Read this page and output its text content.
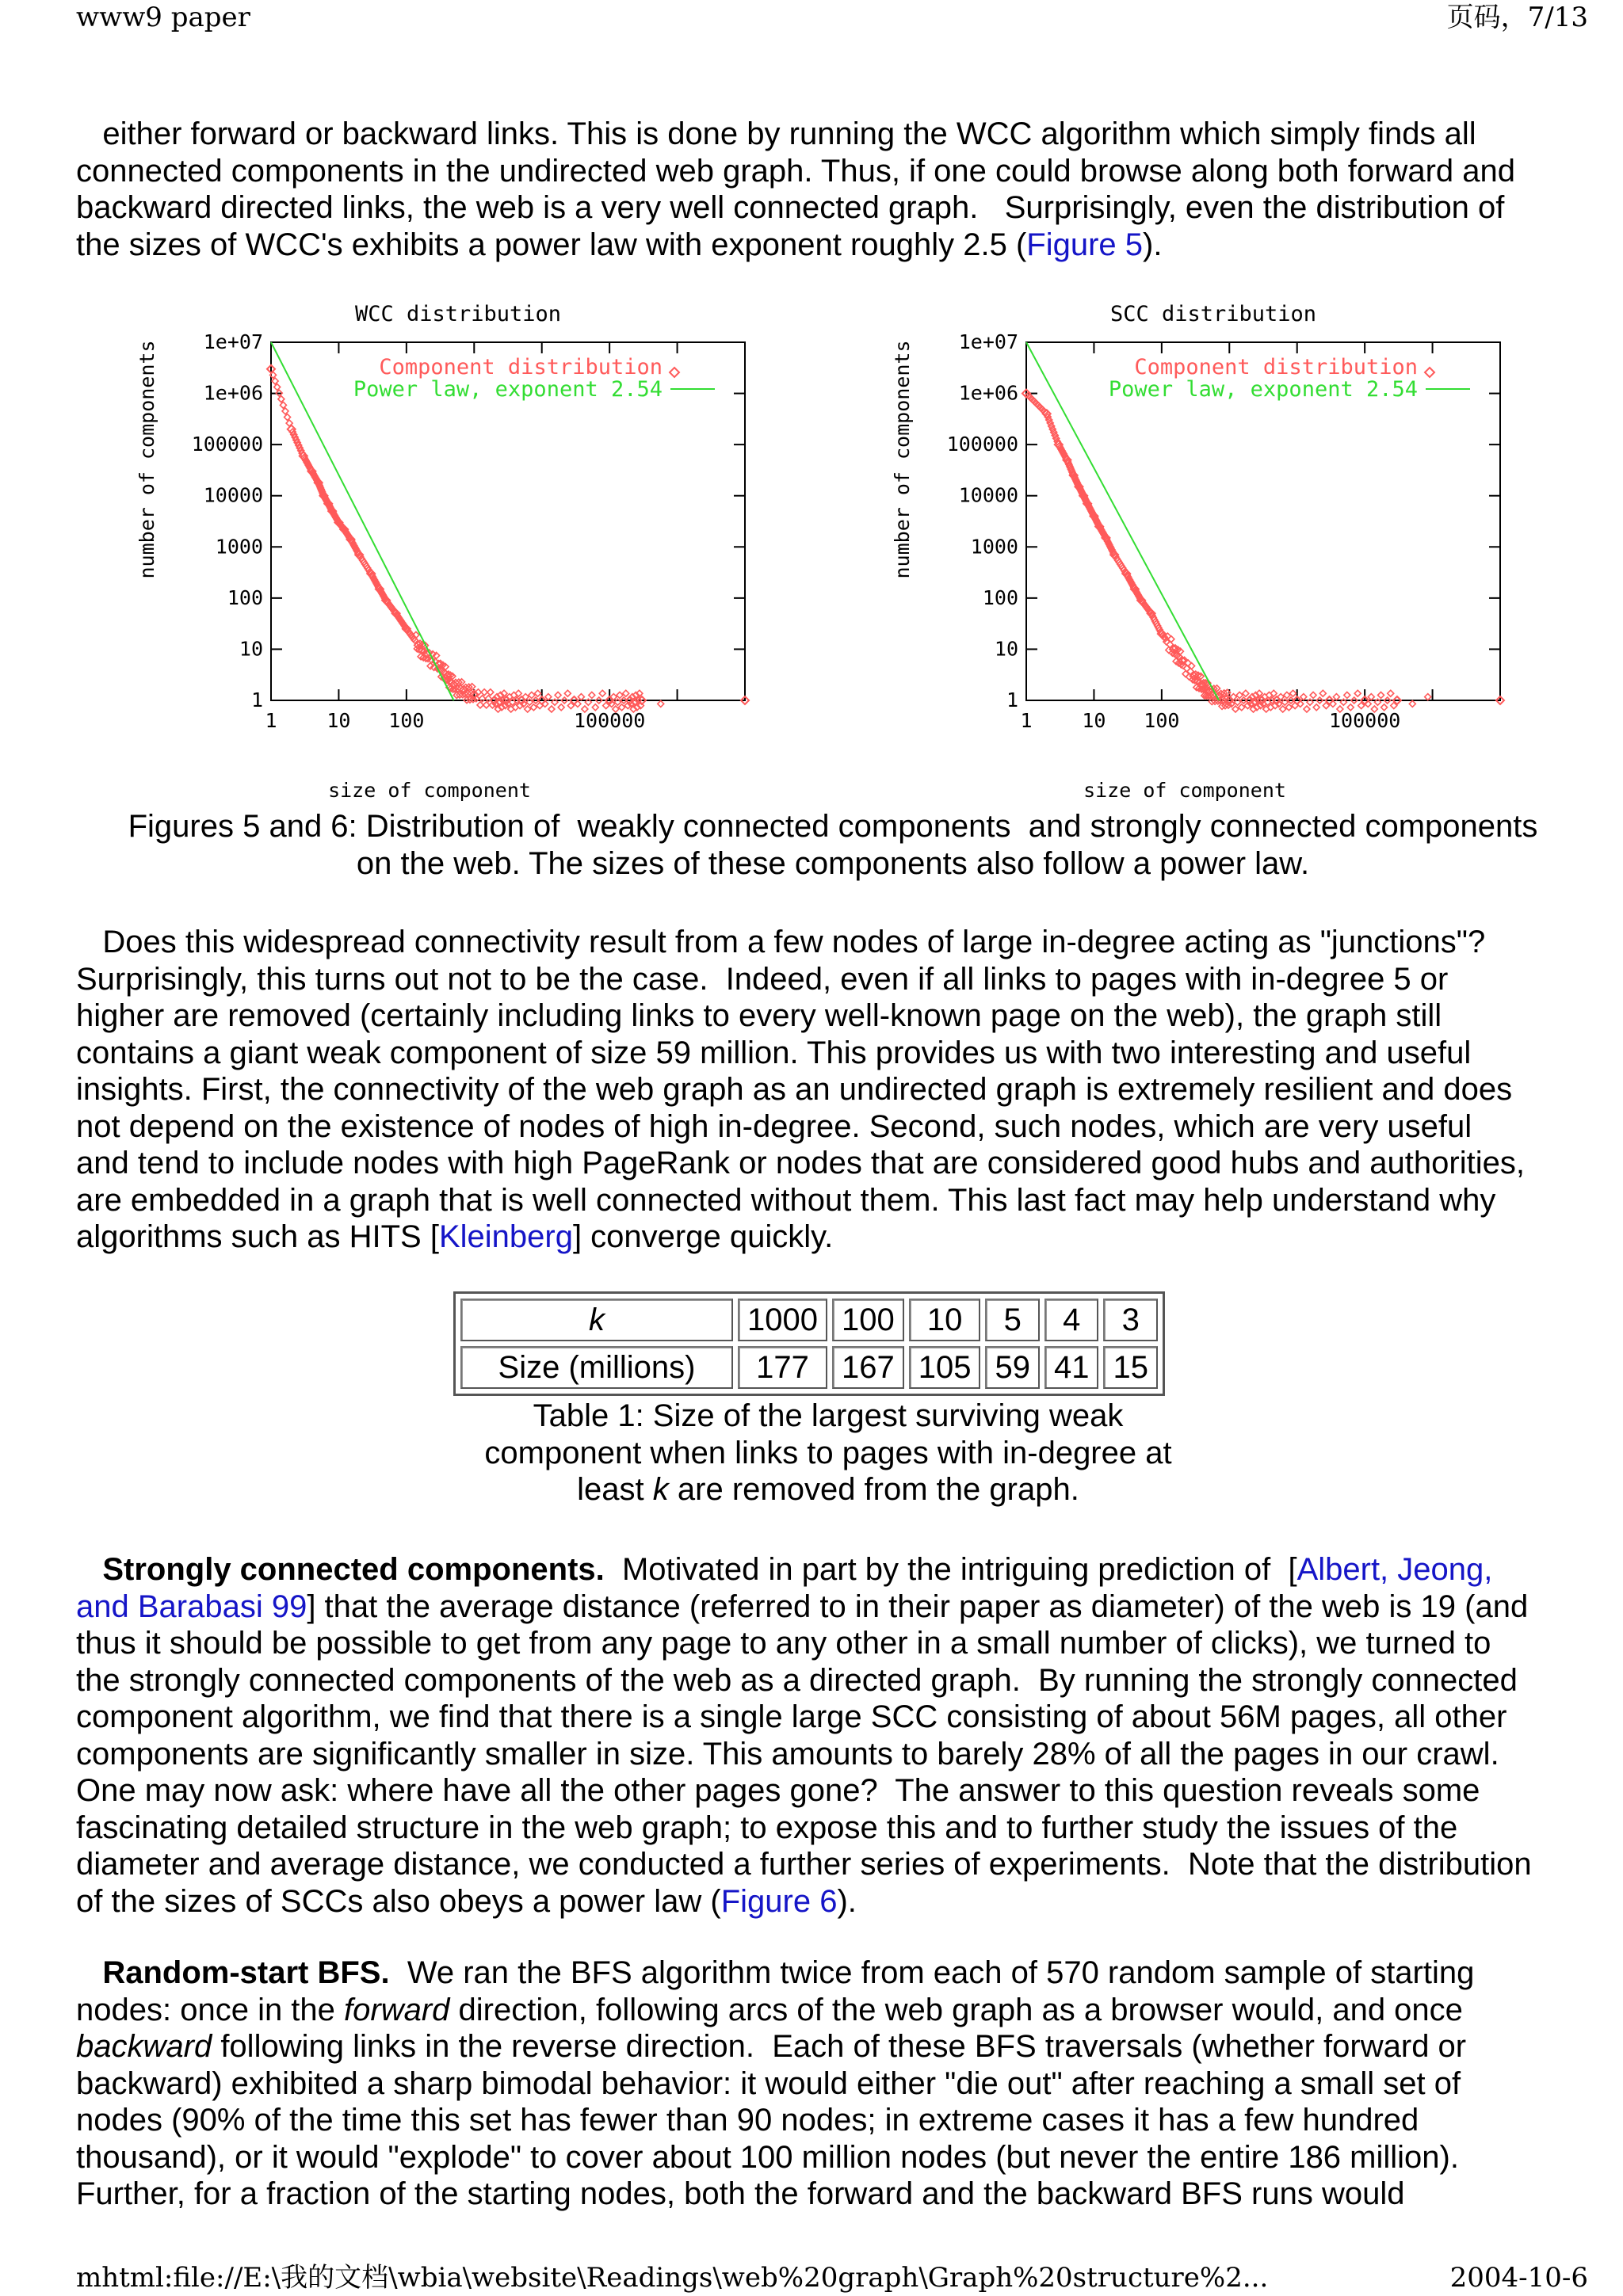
www9 paper	页码，7/13
either forward or backward links. This is done by running the WCC algorithm which simply finds all
connected components in the undirected web graph. Thus, if one could browse along both forward and
backward directed links, the web is a very well connected graph.   Surprisingly, even the distribution of
the sizes of WCC's exhibits a power law with exponent roughly 2.5 (Figure 5).
WCC distribution
number of components
size of component
1
10
100
1000
10000
100000
1e+06
1e+07
1	10 100	100000
Component distribution
Power law, exponent 2.54
SCC distribution
number of components
size of component
1
10
100
1000
10000
100000
1e+06
1e+07
1	10 100	100000
Component distribution
Power law, exponent 2.54
Figures 5 and 6: Distribution of  weakly connected components  and strongly connected components
on the web. The sizes of these components also follow a power law.
Does this widespread connectivity result from a few nodes of large in-degree acting as "junctions"?
Surprisingly, this turns out not to be the case.  Indeed, even if all links to pages with in-degree 5 or
higher are removed (certainly including links to every well-known page on the web), the graph still
contains a giant weak component of size 59 million. This provides us with two interesting and useful
insights. First, the connectivity of the web graph as an undirected graph is extremely resilient and does
not depend on the existence of nodes of high in-degree. Second, such nodes, which are very useful
and tend to include nodes with high PageRank or nodes that are considered good hubs and authorities,
are embedded in a graph that is well connected without them. This last fact may help understand why
algorithms such as HITS [Kleinberg] converge quickly.
k	1000	100	10	5	4	3
Size (millions)	177	167	105	59	41	15
Table 1: Size of the largest surviving weak
component when links to pages with in-degree at
least k are removed from the graph.
Strongly connected components.  Motivated in part by the intriguing prediction of  [Albert, Jeong,
and Barabasi 99] that the average distance (referred to in their paper as diameter) of the web is 19 (and
thus it should be possible to get from any page to any other in a small number of clicks), we turned to
the strongly connected components of the web as a directed graph.  By running the strongly connected
component algorithm, we find that there is a single large SCC consisting of about 56M pages, all other
components are significantly smaller in size. This amounts to barely 28% of all the pages in our crawl.
One may now ask: where have all the other pages gone?  The answer to this question reveals some
fascinating detailed structure in the web graph; to expose this and to further study the issues of the
diameter and average distance, we conducted a further series of experiments.  Note that the distribution
of the sizes of SCCs also obeys a power law (Figure 6).
Random-start BFS.  We ran the BFS algorithm twice from each of 570 random sample of starting
nodes: once in the forward direction, following arcs of the web graph as a browser would, and once
backward following links in the reverse direction.  Each of these BFS traversals (whether forward or
backward) exhibited a sharp bimodal behavior: it would either "die out" after reaching a small set of
nodes (90% of the time this set has fewer than 90 nodes; in extreme cases it has a few hundred
thousand), or it would "explode" to cover about 100 million nodes (but never the entire 186 million).
Further, for a fraction of the starting nodes, both the forward and the backward BFS runs would
mhtml:file://E:\我的文档\wbia\website\Readings\web%20graph\Graph%20structure%2...	2004-10-6
